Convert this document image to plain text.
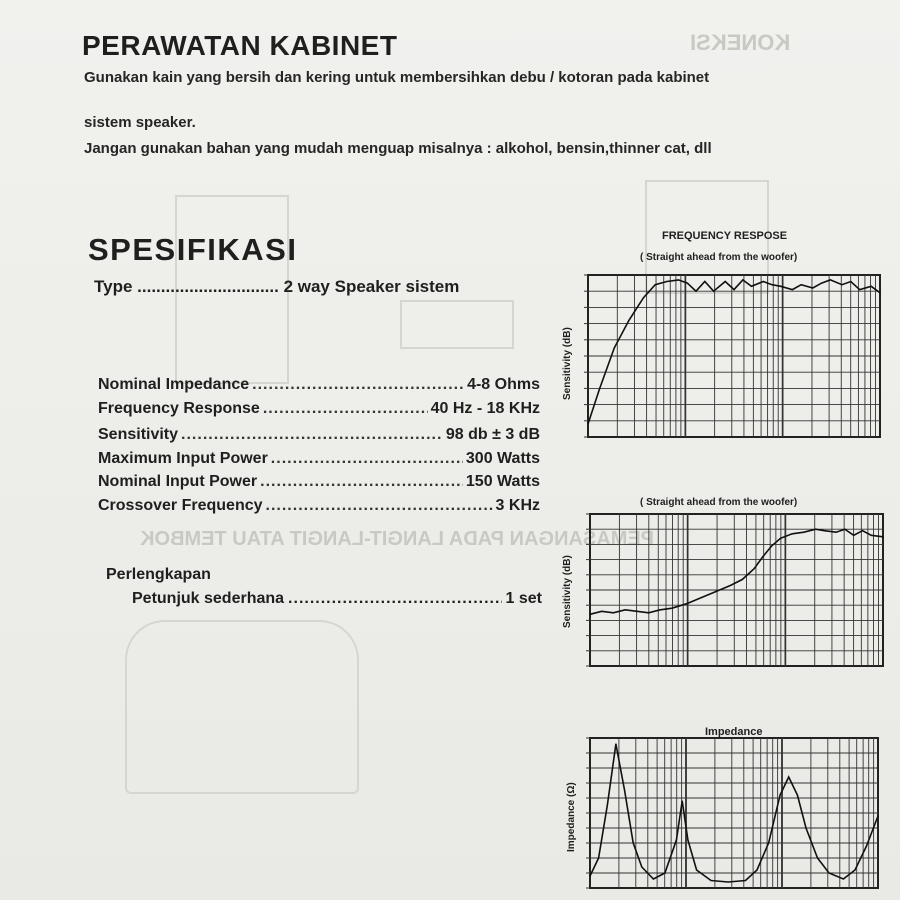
KONEKSI
PEMASANGAN PADA LANGIT-LANGIT ATAU TEMBOK
PERAWATAN KABINET
Gunakan kain yang bersih dan kering untuk membersihkan debu / kotoran pada kabinet
sistem speaker.
Jangan gunakan bahan yang mudah menguap misalnya : alkohol, bensin,thinner cat, dll
SPESIFIKASI
Type .............................. 2 way Speaker sistem
Nominal Impedance .....	4-8 Ohms
Frequency Response .....	40 Hz - 18 KHz
Sensitivity .....	98 db ± 3 dB
Maximum Input Power .....	300 Watts
Nominal Input Power .....	150 Watts
Crossover Frequency .....	3 KHz
Perlengkapan
Petunjuk sederhana .....	1 set
FREQUENCY RESPOSE
( Straight ahead from the woofer)
Sensitivity (dB)
( Straight ahead from the woofer)
Sensitivity (dB)
Impedance
Impedance (Ω)
